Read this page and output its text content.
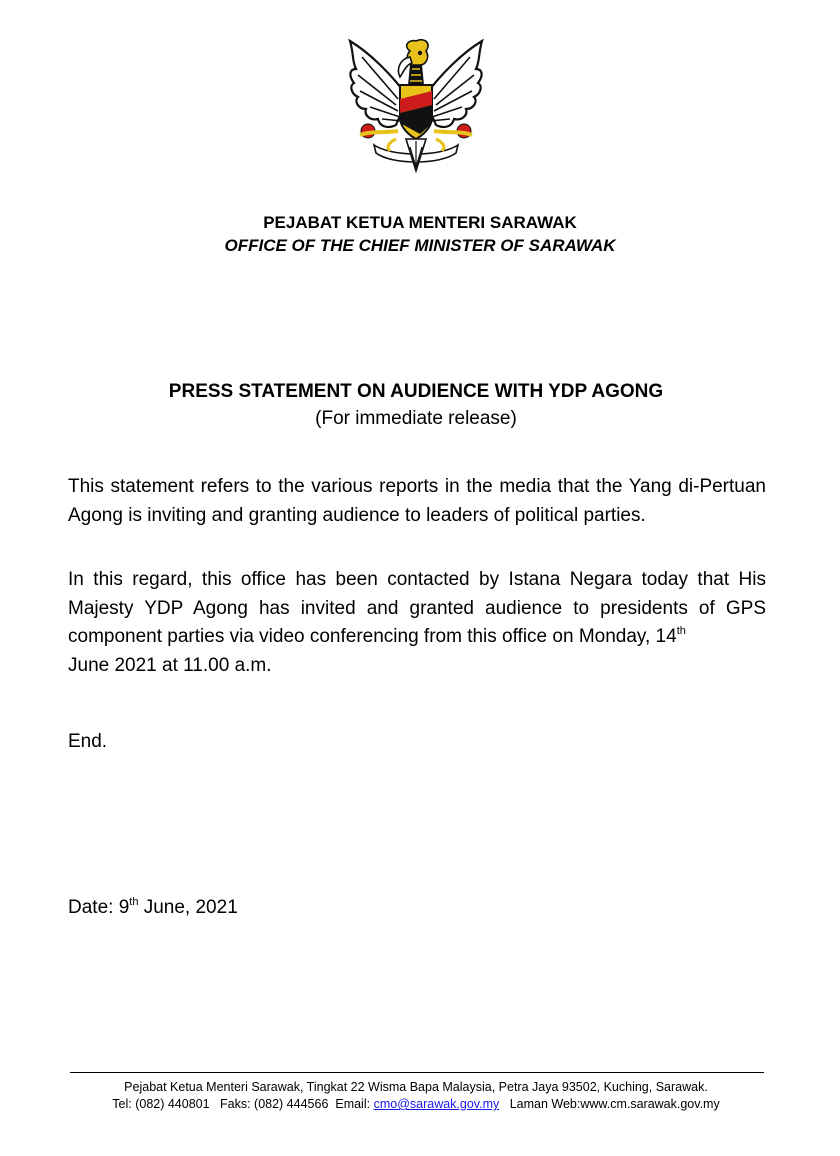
PEJABAT KETUA MENTERI SARAWAK
OFFICE OF THE CHIEF MINISTER OF SARAWAK
PRESS STATEMENT ON AUDIENCE WITH YDP AGONG
(For immediate release)

This statement refers to the various reports in the media that the Yang di-Pertuan Agong is inviting and granting audience to leaders of political parties.

In this regard, this office has been contacted by Istana Negara today that His Majesty YDP Agong has invited and granted audience to presidents of GPS component parties via video conferencing from this office on Monday, 14th
June 2021 at 11.00 a.m.

End.
Date: 9th June, 2021
Pejabat Ketua Menteri Sarawak, Tingkat 22 Wisma Bapa Malaysia, Petra Jaya 93502, Kuching, Sarawak.
Tel: (082) 440801 Faks: (082) 444566 Email: cmo@sarawak.gov.my Laman Web:www.cm.sarawak.gov.my
